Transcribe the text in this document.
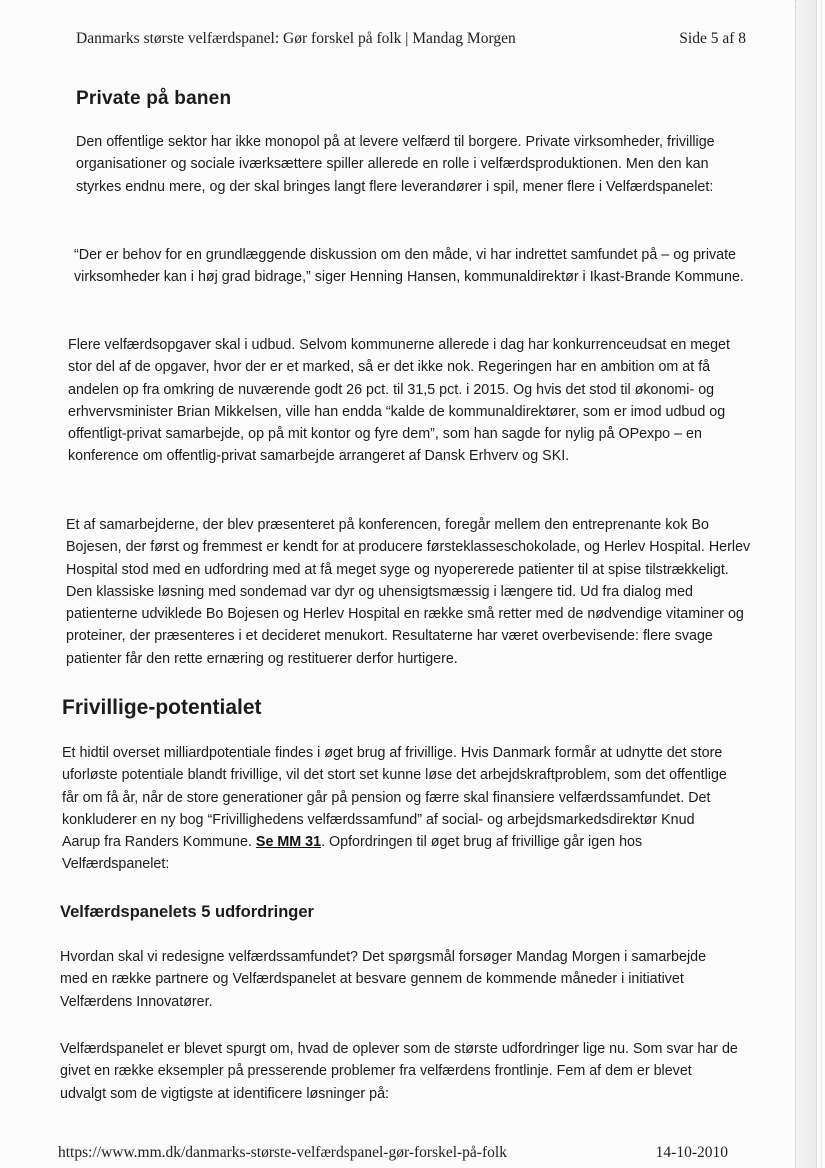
Danmarks største velfærdspanel: Gør forskel på folk | Mandag Morgen	Side 5 af 8
Private på banen

Den offentlige sektor har ikke monopol på at levere velfærd til borgere. Private virksomheder, frivillige organisationer og sociale iværksættere spiller allerede en rolle i velfærdsproduktionen. Men den kan styrkes endnu mere, og der skal bringes langt flere leverandører i spil, mener flere i Velfærdspanelet:

“Der er behov for en grundlæggende diskussion om den måde, vi har indrettet samfundet på – og private virksomheder kan i høj grad bidrage,” siger Henning Hansen, kommunaldirektør i Ikast-Brande Kommune.

Flere velfærdsopgaver skal i udbud. Selvom kommunerne allerede i dag har konkurrenceudsat en meget stor del af de opgaver, hvor der er et marked, så er det ikke nok. Regeringen har en ambition om at få andelen op fra omkring de nuværende godt 26 pct. til 31,5 pct. i 2015. Og hvis det stod til økonomi- og erhvervsminister Brian Mikkelsen, ville han endda “kalde de kommunaldirektører, som er imod udbud og offentligt-privat samarbejde, op på mit kontor og fyre dem”, som han sagde for nylig på OPexpo – en konference om offentlig-privat samarbejde arrangeret af Dansk Erhverv og SKI.

Et af samarbejderne, der blev præsenteret på konferencen, foregår mellem den entreprenante kok Bo Bojesen, der først og fremmest er kendt for at producere førsteklasseschokolade, og Herlev Hospital. Herlev Hospital stod med en udfordring med at få meget syge og nyopererede patienter til at spise tilstrækkeligt. Den klassiske løsning med sondemad var dyr og uhensigtsmæssig i længere tid. Ud fra dialog med patienterne udviklede Bo Bojesen og Herlev Hospital en række små retter med de nødvendige vitaminer og proteiner, der præsenteres i et decideret menukort. Resultaterne har været overbevisende: flere svage patienter får den rette ernæring og restituerer derfor hurtigere.

Frivillige-potentialet

Et hidtil overset milliardpotentiale findes i øget brug af frivillige. Hvis Danmark formår at udnytte det store uforløste potentiale blandt frivillige, vil det stort set kunne løse det arbejdskraftproblem, som det offentlige får om få år, når de store generationer går på pension og færre skal finansiere velfærdssamfundet. Det konkluderer en ny bog “Frivillighedens velfærdssamfund” af social- og arbejdsmarkedsdirektør Knud Aarup fra Randers Kommune. Se MM 31. Opfordringen til øget brug af frivillige går igen hos Velfærdspanelet:

Velfærdspanelets 5 udfordringer

Hvordan skal vi redesigne velfærdssamfundet? Det spørgsmål forsøger Mandag Morgen i samarbejde med en række partnere og Velfærdspanelet at besvare gennem de kommende måneder i initiativet Velfærdens Innovatører.

Velfærdspanelet er blevet spurgt om, hvad de oplever som de største udfordringer lige nu. Som svar har de givet en række eksempler på presserende problemer fra velfærdens frontlinje. Fem af dem er blevet udvalgt som de vigtigste at identificere løsninger på:

https://www.mm.dk/danmarks-største-velfærdspanel-gør-forskel-på-folk	14-10-2010
